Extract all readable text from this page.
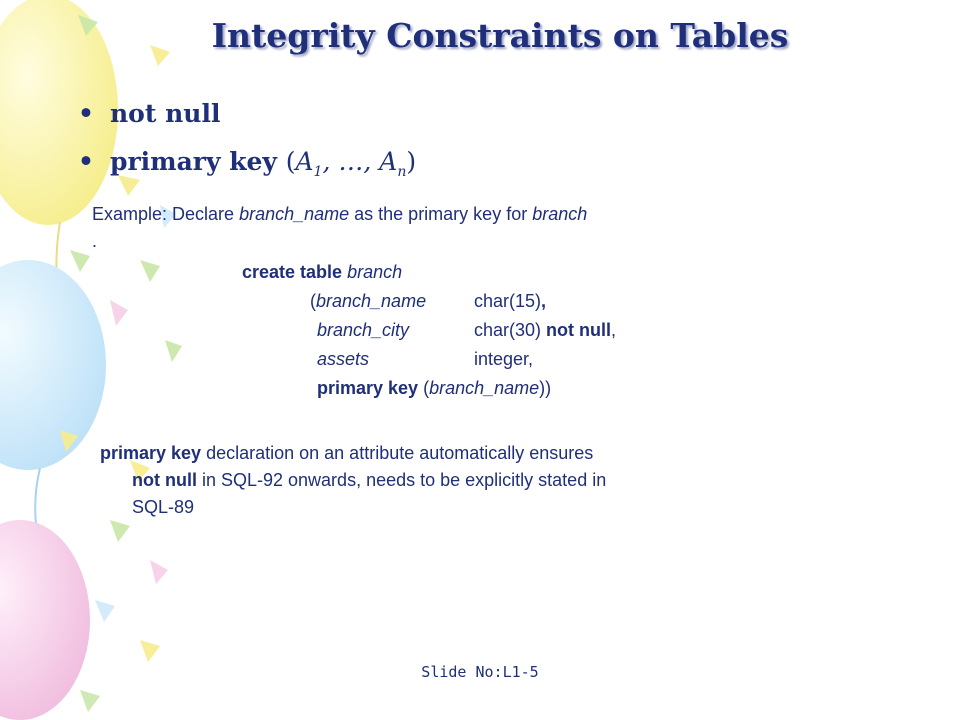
Integrity Constraints on Tables
• not null
• primary key ($A_1$, …, $A_n$)

Example: Declare branch_name as the primary key for branch

.
create table branch
(branch_name	char(15),
branch_city	char(30) not null,
assets	integer,
primary key (branch_name))
primary key declaration on an attribute automatically ensures
not null in SQL-92 onwards, needs to be explicitly stated in
SQL-89
Slide No:L1-5
